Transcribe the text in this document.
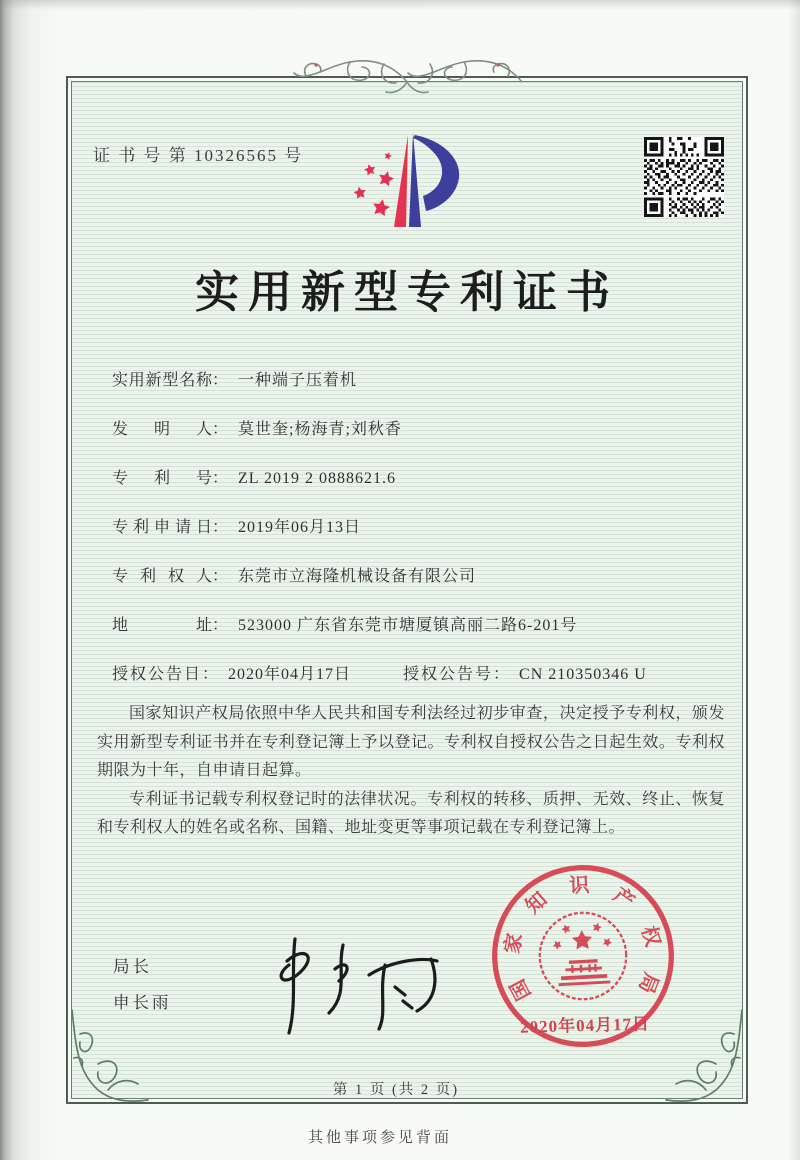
证 书 号 第 10326565 号
实用新型专利证书
实用新型名称 ： 一种端子压着机
发明人 ： 莫世奎;杨海青;刘秋香
专利号 ： ZL 2019 2 0888621.6
专利申请日 ： 2019年06月13日
专利权人 ： 东莞市立海隆机械设备有限公司
地址 ： 523000 广东省东莞市塘厦镇高丽二路6-201号
授权公告日： 2020年04月17日	授权公告号： CN 210350346 U

国家知识产权局依照中华人民共和国专利法经过初步审查，决定授予专利权，颁发实用新型专利证书并在专利登记簿上予以登记。专利权自授权公告之日起生效。专利权期限为十年，自申请日起算。

专利证书记载专利权登记时的法律状况。专利权的转移、质押、无效、终止、恢复和专利权人的姓名或名称、国籍、地址变更等事项记载在专利登记簿上。

局长
申长雨	国
家
知
识 产
权
局
2020年04月17日
第 1 页 (共 2 页)
其他事项参见背面
